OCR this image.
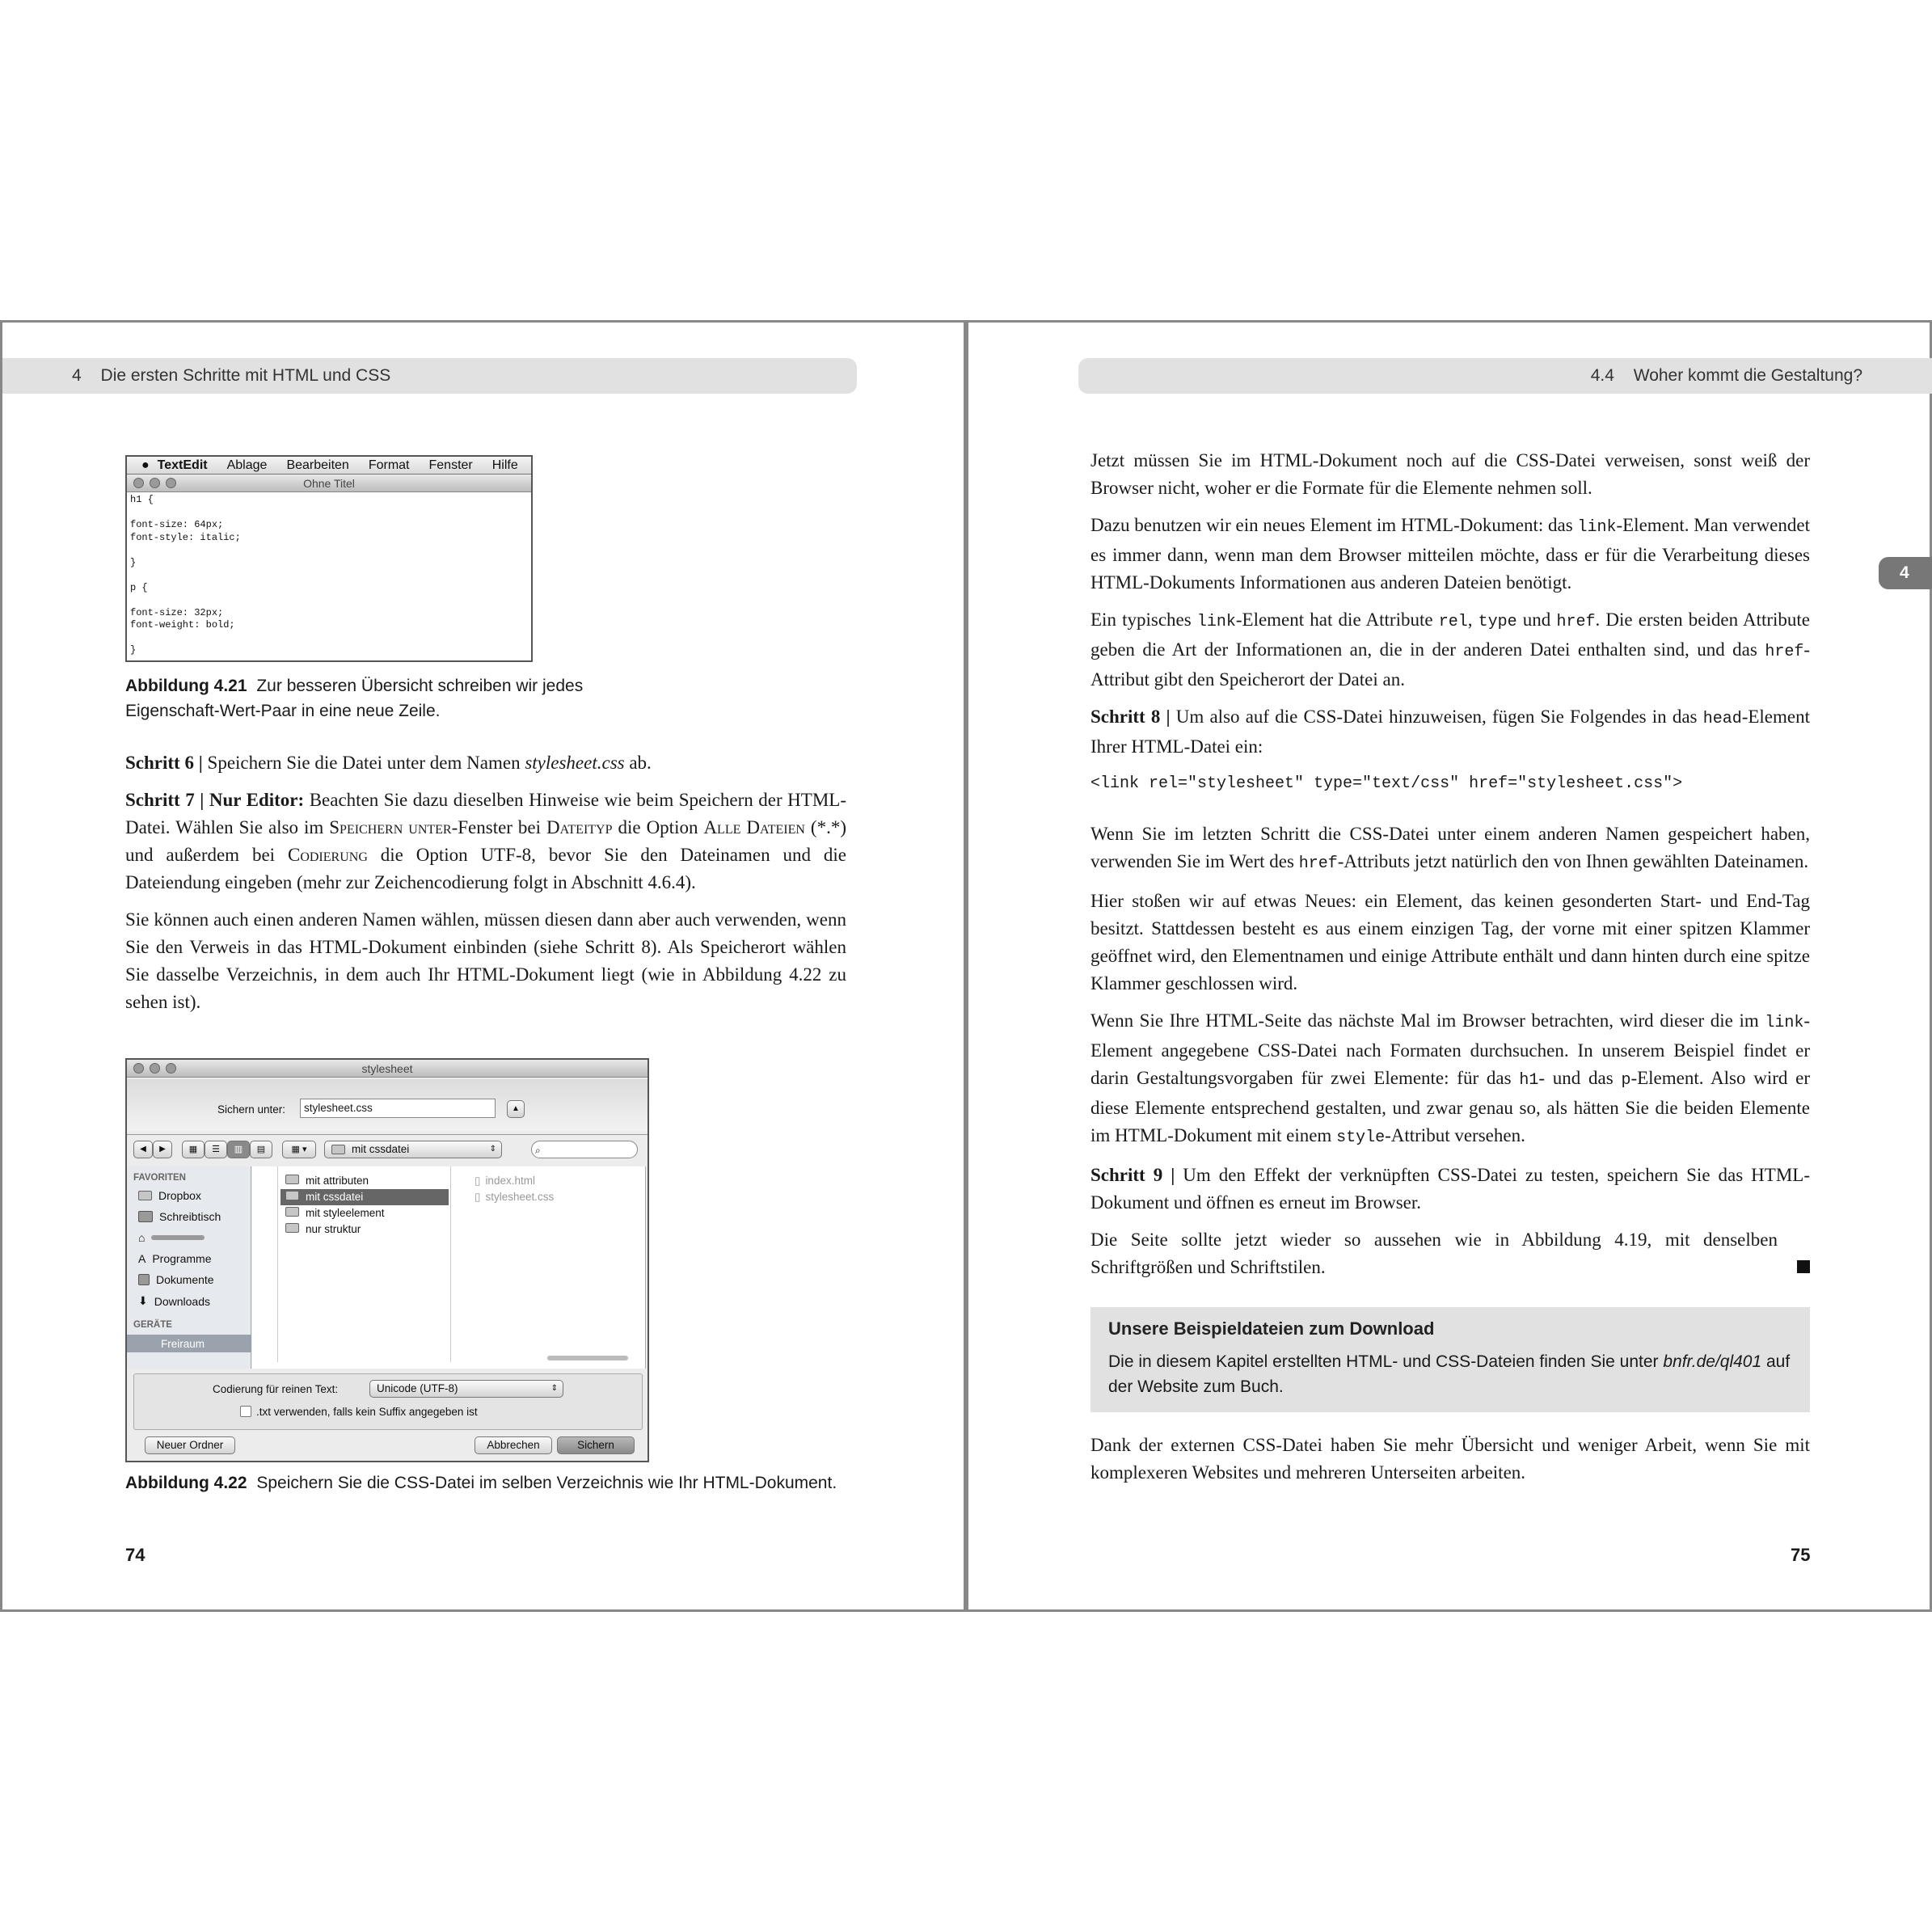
4 Die ersten Schritte mit HTML und CSS
● TextEdit Ablage Bearbeiten Format Fenster Hilfe
Ohne Titel
h1 {

font-size: 64px;
font-style: italic;

}

p {

font-size: 32px;
font-weight: bold;

}
Abbildung 4.21 Zur besseren Übersicht schreiben wir jedes Eigenschaft-Wert-Paar in eine neue Zeile.

Schritt 6 | Speichern Sie die Datei unter dem Namen stylesheet.css ab.

Schritt 7 | Nur Editor: Beachten Sie dazu dieselben Hinweise wie beim Speichern der HTML-Datei. Wählen Sie also im Speichern unter-Fenster bei Dateityp die Option Alle Dateien (*.*) und außerdem bei Codierung die Option UTF-8, bevor Sie den Dateinamen und die Dateiendung eingeben (mehr zur Zeichencodierung folgt in Abschnitt 4.6.4).

Sie können auch einen anderen Namen wählen, müssen diesen dann aber auch verwenden, wenn Sie den Verweis in das HTML-Dokument einbinden (siehe Schritt 8). Als Speicherort wählen Sie dasselbe Verzeichnis, in dem auch Ihr HTML-Dokument liegt (wie in Abbildung 4.22 zu sehen ist).

stylesheet
Sichern unter:	stylesheet.css	▲
◀	▶	▦	☰	▥	▤	▦ ▾	mit cssdatei	⇕	⌕
FAVORITEN
Dropbox
Schreibtisch
⌂
A Programme
Dokumente
⬇ Downloads
GERÄTE
Freiraum
mit attributen
mit cssdatei
mit styleelement
nur struktur
▯ index.html
▯ stylesheet.css
Codierung für reinen Text:	Unicode (UTF-8)	⇕
.txt verwenden, falls kein Suffix angegeben ist
Neuer Ordner	Abbrechen	Sichern
Abbildung 4.22 Speichern Sie die CSS-Datei im selben Verzeichnis wie Ihr HTML-Dokument.
74
4.4 Woher kommt die Gestaltung?
4

Jetzt müssen Sie im HTML-Dokument noch auf die CSS-Datei verweisen, sonst weiß der Browser nicht, woher er die Formate für die Elemente nehmen soll.

Dazu benutzen wir ein neues Element im HTML-Dokument: das link-Element. Man verwendet es immer dann, wenn man dem Browser mitteilen möchte, dass er für die Verarbeitung dieses HTML-Dokuments Informationen aus anderen Dateien benötigt.

Ein typisches link-Element hat die Attribute rel, type und href. Die ersten beiden Attribute geben die Art der Informationen an, die in der anderen Datei enthalten sind, und das href-Attribut gibt den Speicherort der Datei an.

Schritt 8 | Um also auf die CSS-Datei hinzuweisen, fügen Sie Folgendes in das head-Element Ihrer HTML-Datei ein:

<link rel="stylesheet" type="text/css" href="stylesheet.css">

Wenn Sie im letzten Schritt die CSS-Datei unter einem anderen Namen gespeichert haben, verwenden Sie im Wert des href-Attributs jetzt natürlich den von Ihnen gewählten Dateinamen.

Hier stoßen wir auf etwas Neues: ein Element, das keinen gesonderten Start- und End-Tag besitzt. Stattdessen besteht es aus einem einzigen Tag, der vorne mit einer spitzen Klammer geöffnet wird, den Elementnamen und einige Attribute enthält und dann hinten durch eine spitze Klammer geschlossen wird.

Wenn Sie Ihre HTML-Seite das nächste Mal im Browser betrachten, wird dieser die im link-Element angegebene CSS-Datei nach Formaten durchsuchen. In unserem Beispiel findet er darin Gestaltungsvorgaben für zwei Elemente: für das h1- und das p-Element. Also wird er diese Elemente entsprechend gestalten, und zwar genau so, als hätten Sie die beiden Elemente im HTML-Dokument mit einem style-Attribut versehen.

Schritt 9 | Um den Effekt der verknüpften CSS-Datei zu testen, speichern Sie das HTML-Dokument und öffnen es erneut im Browser.

Die Seite sollte jetzt wieder so aussehen wie in Abbildung 4.19, mit denselben Schriftgrößen und Schriftstilen.

Unsere Beispieldateien zum Download
Die in diesem Kapitel erstellten HTML- und CSS-Dateien finden Sie unter bnfr.de/ql401 auf der Website zum Buch.

Dank der externen CSS-Datei haben Sie mehr Übersicht und weniger Arbeit, wenn Sie mit komplexeren Websites und mehreren Unterseiten arbeiten.

75
